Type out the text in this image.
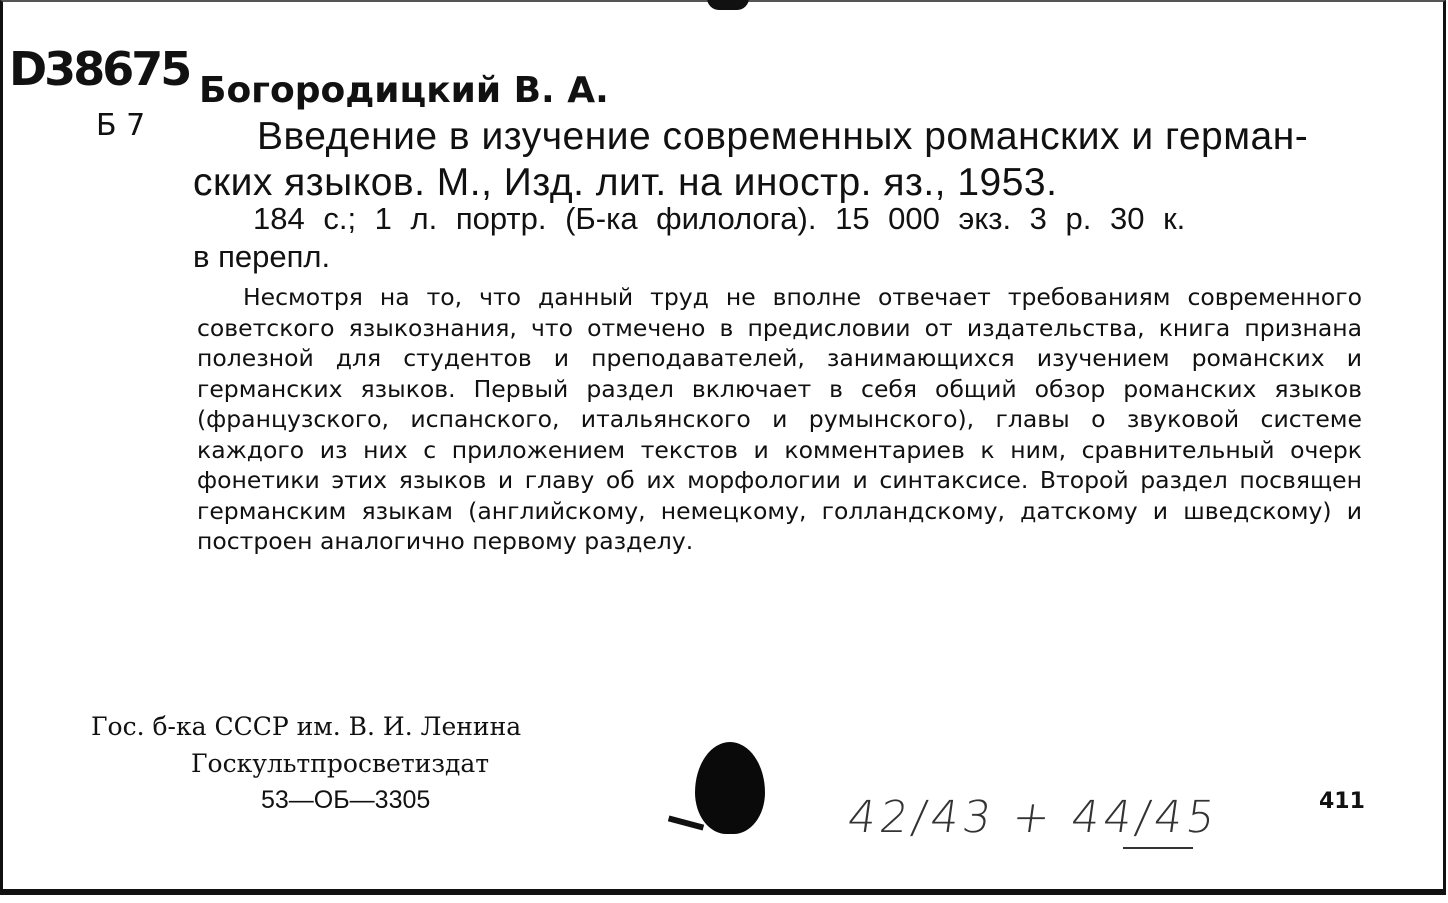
D38675 Богородицкий В. А.
Б 7	Введение в изучение современных романских и герман-
ских языков. М., Изд. лит. на иностр. яз., 1953.
184 с.; 1 л. портр. (Б-ка филолога). 15 000 экз. 3 р. 30 к.
в перепл.
Несмотря на то, что данный труд не вполне отвечает требованиям современного советского языкознания, что отмечено в предисловии от издательства, книга признана полезной для студентов и преподавателей, занимающихся изучением романских и германских языков. Первый раздел включает в себя общий обзор романских языков (французского, испанского, итальянского и румынского), главы о звуковой системе каждого из них с приложением текстов и комментариев к ним, сравнительный очерк фонетики этих языков и главу об их морфологии и синтаксисе. Второй раздел посвящен германским языкам (английскому, немецкому, голландскому, датскому и шведскому) и построен аналогично первому разделу.
Гос. б-ка СССР им. В. И. Ленина
Госкультпросветиздат
53—ОБ—3305	42/43 + 44/45	411
